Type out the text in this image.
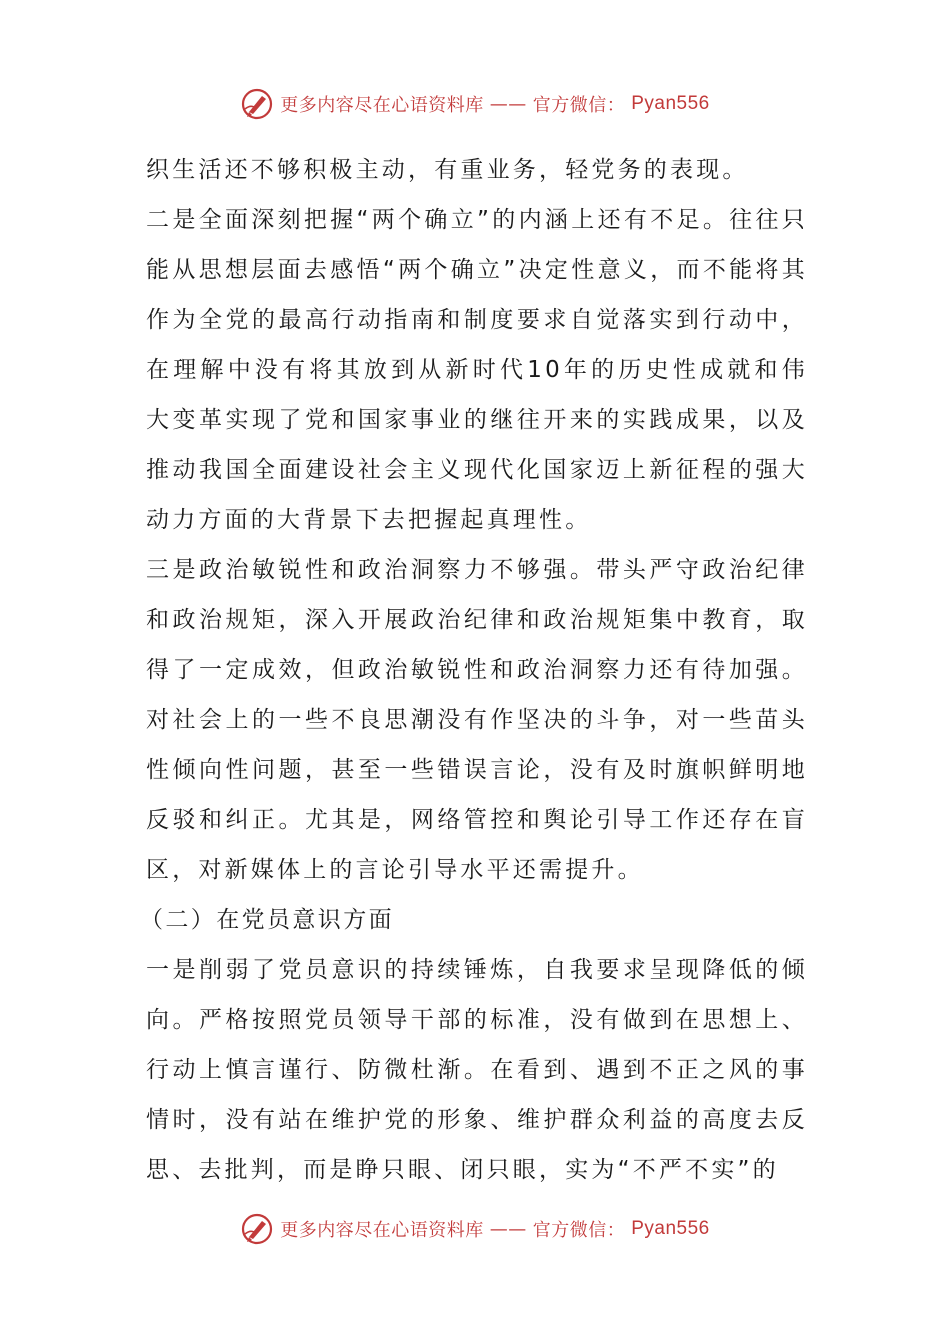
更多内容尽在心语资料库 —— 官方微信： Pyan556

织生活还不够积极主动，有重业务，轻党务的表现。

二是全面深刻把握“两个确立”的内涵上还有不足。往往只能从思想层面去感悟“两个确立”决定性意义，而不能将其作为全党的最高行动指南和制度要求自觉落实到行动中，在理解中没有将其放到从新时代10年的历史性成就和伟大变革实现了党和国家事业的继往开来的实践成果，以及推动我国全面建设社会主义现代化国家迈上新征程的强大动力方面的大背景下去把握起真理性。

三是政治敏锐性和政治洞察力不够强。带头严守政治纪律和政治规矩，深入开展政治纪律和政治规矩集中教育，取得了一定成效，但政治敏锐性和政治洞察力还有待加强。对社会上的一些不良思潮没有作坚决的斗争，对一些苗头性倾向性问题，甚至一些错误言论，没有及时旗帜鲜明地反驳和纠正。尤其是，网络管控和舆论引导工作还存在盲区，对新媒体上的言论引导水平还需提升。

（二）在党员意识方面

一是削弱了党员意识的持续锤炼，自我要求呈现降低的倾向。严格按照党员领导干部的标准，没有做到在思想上、行动上慎言谨行、防微杜渐。在看到、遇到不正之风的事情时，没有站在维护党的形象、维护群众利益的高度去反思、去批判，而是睁只眼、闭只眼，实为“不严不实”的

更多内容尽在心语资料库 —— 官方微信： Pyan556
